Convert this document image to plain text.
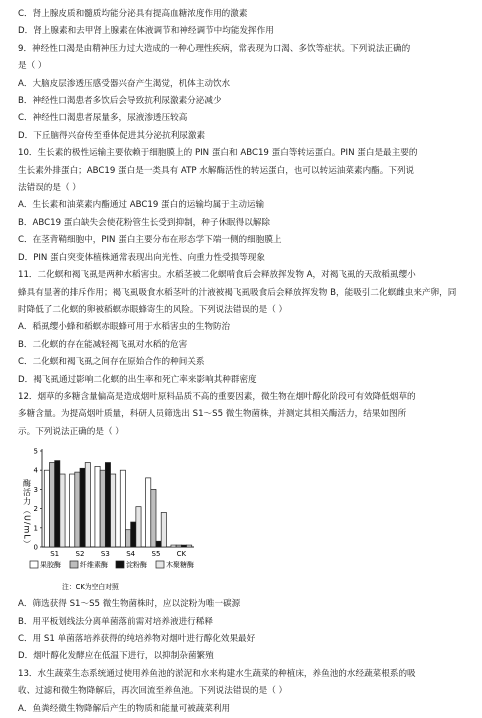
C．肾上腺皮质和髓质均能分泌具有提高血糖浓度作用的激素
D．肾上腺素和去甲肾上腺素在体液调节和神经调节中均能发挥作用
9．神经性口渴是由精神压力过大造成的一种心理性疾病，常表现为口渴、多饮等症状。下列说法正确的
是（ ）
A．大脑皮层渗透压感受器兴奋产生渴觉，机体主动饮水
B．神经性口渴患者多饮后会导致抗利尿激素分泌减少
C．神经性口渴患者尿量多，尿液渗透压较高
D．下丘脑得兴奋传至垂体促进其分泌抗利尿激素
10．生长素的极性运输主要依赖于细胞膜上的 PIN 蛋白和 ABC19 蛋白等转运蛋白。PIN 蛋白是最主要的
生长素外排蛋白；ABC19 蛋白是一类具有 ATP 水解酶活性的转运蛋白，也可以转运油菜素内酯。下列说
法错误的是（ ）
A．生长素和油菜素内酯通过 ABC19 蛋白的运输均属于主动运输
B．ABC19 蛋白缺失会使花粉管生长受到抑制，种子休眠得以解除
C．在茎背鞘细胞中，PIN 蛋白主要分布在形态学下端一侧的细胞膜上
D．PIN 蛋白突变体植株通常表现出向光性、向重力性受损等现象
11．二化螟和褐飞虱是两种水稻害虫。水稻茎被二化螟啃食后会释放挥发物 A，对褐飞虱的天敌稻虱缨小
蜂具有显著的排斥作用；褐飞虱吸食水稻茎叶的汁液被褐飞虱吸食后会释放挥发物 B，能吸引二化螟雌虫来产卵，同
时降低了二化螟的卵被稻螟赤眼蜂寄生的风险。下列说法错误的是（ ）
A．稻虱缨小蜂和稻螟赤眼蜂可用于水稻害虫的生物防治
B．二化螟的存在能减轻褐飞虱对水稻的危害
C．二化螟和褐飞虱之间存在原始合作的种间关系
D．褐飞虱通过影响二化螟的出生率和死亡率来影响其种群密度
12．烟草的多糖含量偏高是造成烟叶原料品质不高的重要因素，微生物在烟叶醇化阶段可有效降低烟草的
多糖含量。为提高烟叶质量，科研人员筛选出 S1～S5 微生物菌株，并测定其相关酶活力，结果如图所
示。下列说法正确的是（ ）
酶活力（U/mL） 0
1
2
3
4
5
S1 S2 S3 S4 S5 CK
果胶酶	纤维素酶	淀粉酶	木聚糖酶
注：CK为空白对照
A．筛选获得 S1～S5 微生物菌株时，应以淀粉为唯一碳源
B．用平板划线法分离单菌落前需对培养液进行稀释
C．用 S1 单菌落培养获得的纯培养物对烟叶进行醇化效果最好
D．烟叶醇化发酵应在低温下进行，以抑制杂菌繁殖
13．水生蔬菜生态系统通过使用养鱼池的淤泥和水来构建水生蔬菜的种植床，养鱼池的水经蔬菜根系的吸
收、过滤和微生物降解后，再次回流至养鱼池。下列说法错误的是（ ）
A．鱼粪经微生物降解后产生的物质和能量可被蔬菜利用
